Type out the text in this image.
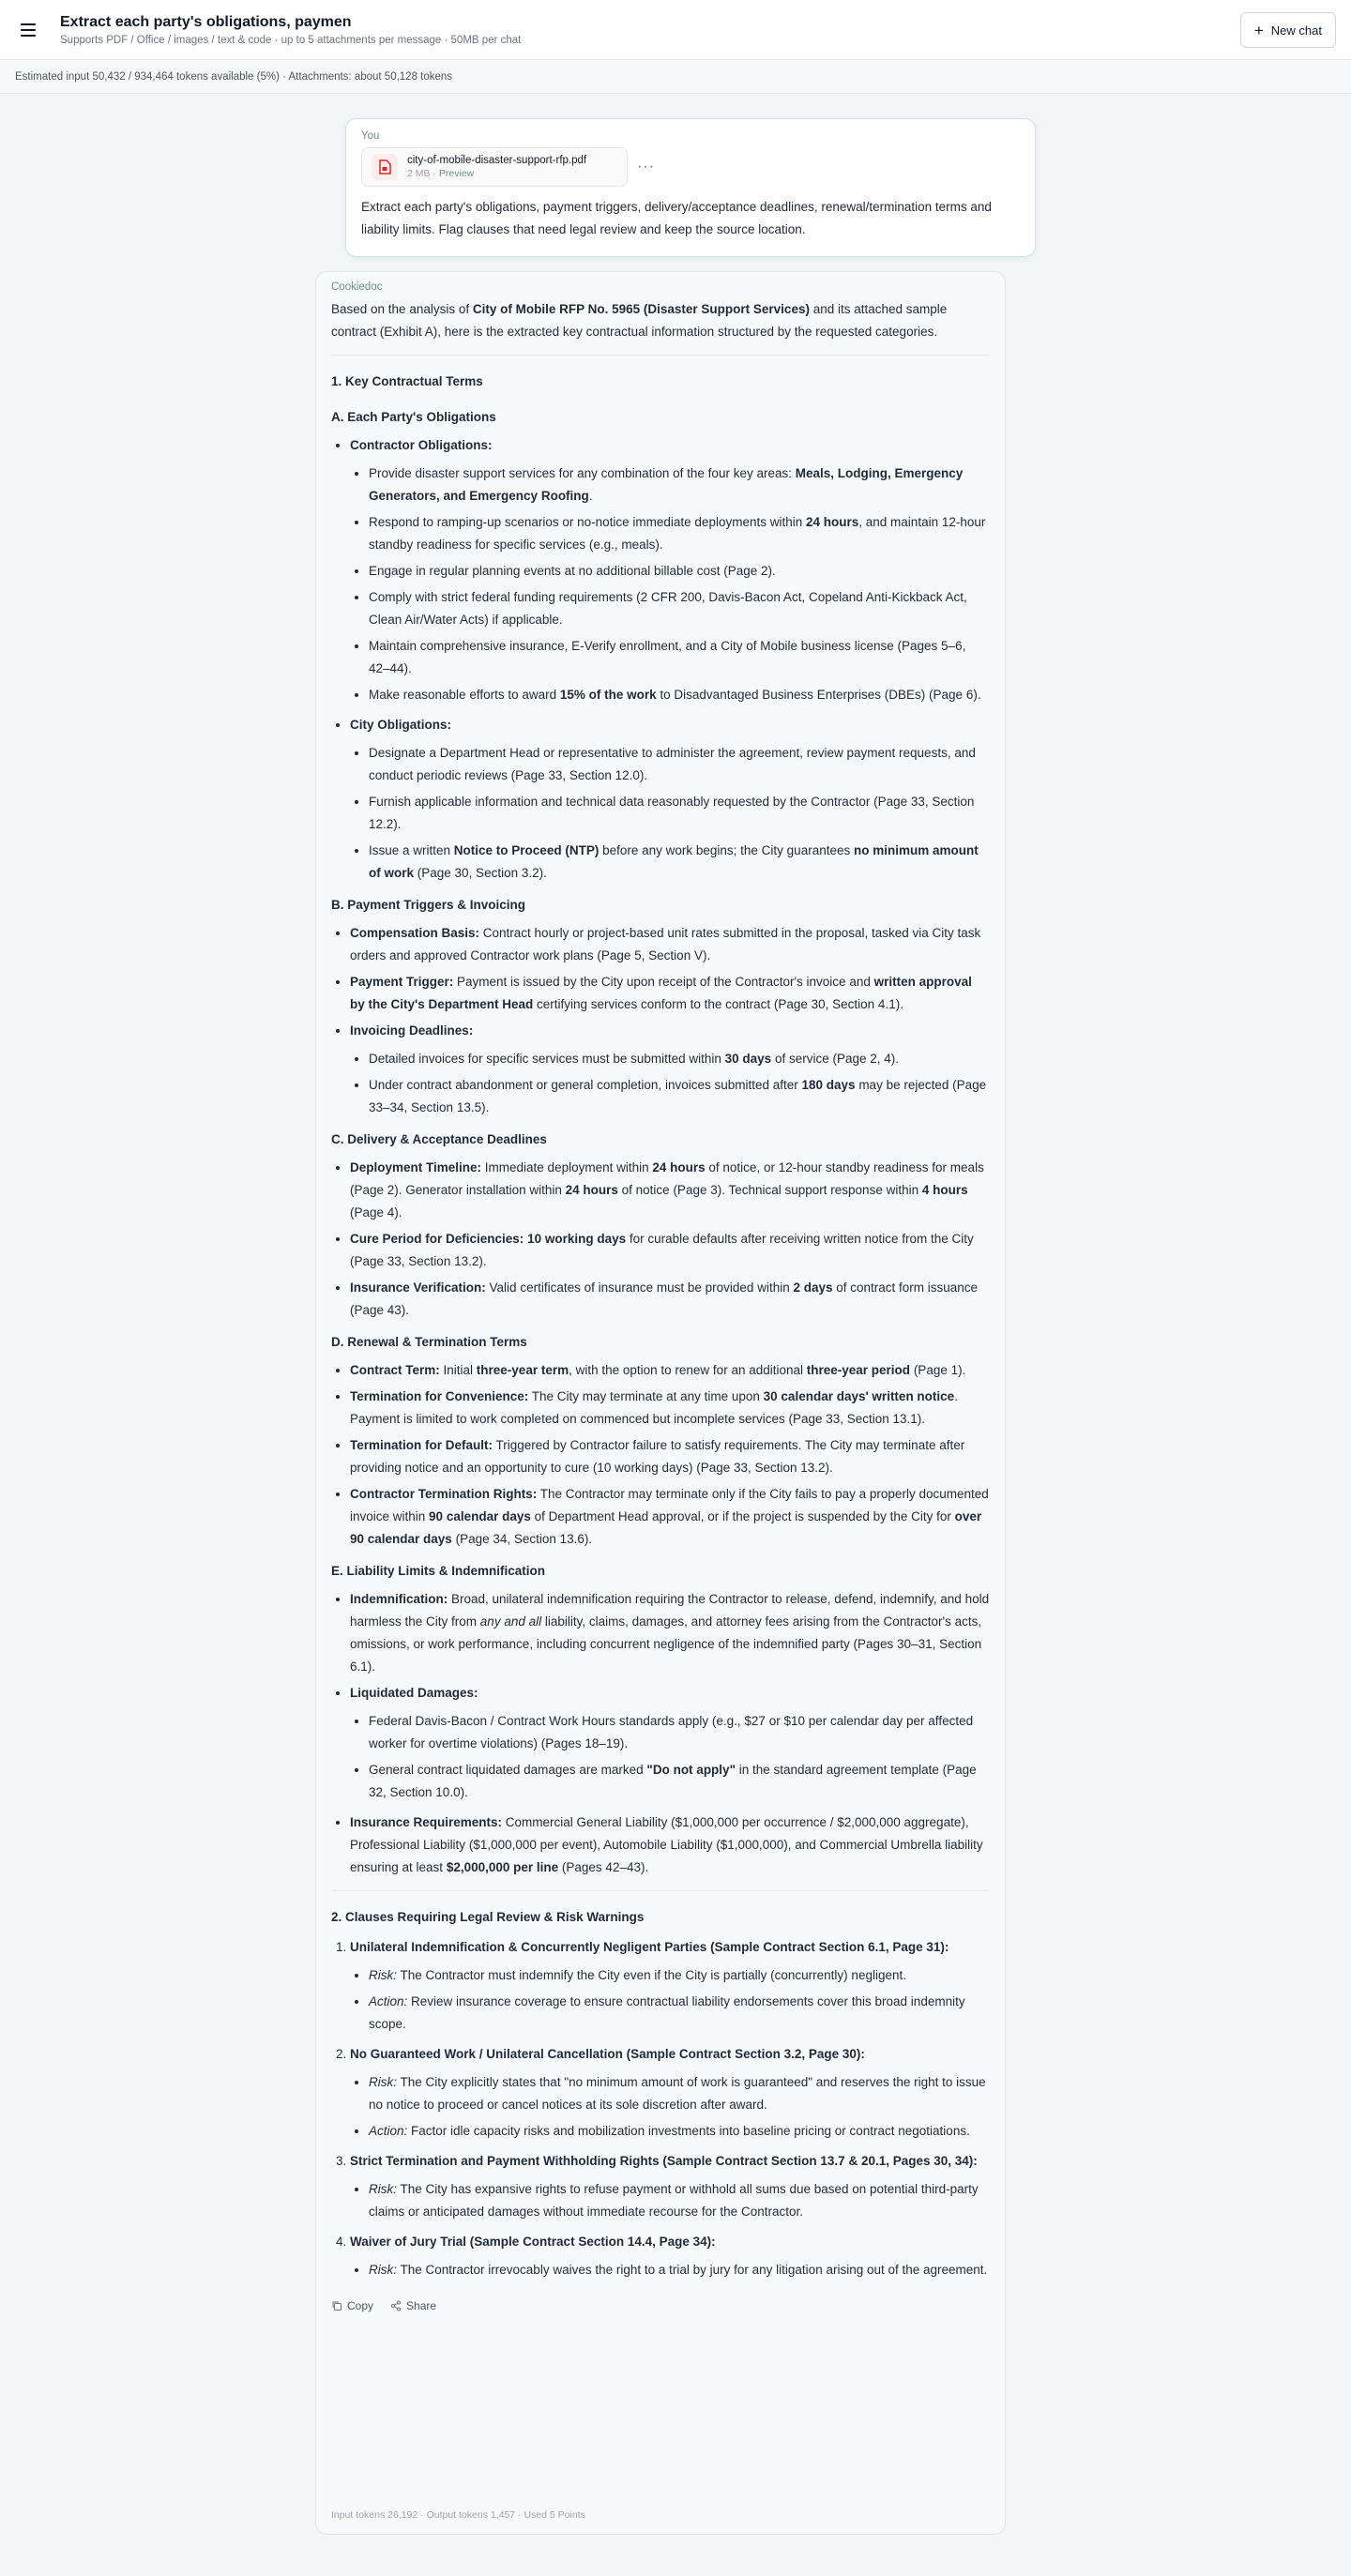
Extract each party's obligations, paymen
Supports PDF / Office / images / text & code · up to 5 attachments per message · 50MB per chat
+ New chat
Estimated input 50,432 / 934,464 tokens available (5%) · Attachments: about 50,128 tokens
You
city-of-mobile-disaster-support-rfp.pdf
2 MB · Preview	···
Extract each party's obligations, payment triggers, delivery/acceptance deadlines, renewal/termination terms and liability limits. Flag clauses that need legal review and keep the source location.
Cookiedoc
Based on the analysis of City of Mobile RFP No. 5965 (Disaster Support Services) and its attached sample contract (Exhibit A), here is the extracted key contractual information structured by the requested categories.
1. Key Contractual Terms
A. Each Party's Obligations
• Contractor Obligations:
• Provide disaster support services for any combination of the four key areas: Meals, Lodging, Emergency Generators, and Emergency Roofing.
• Respond to ramping-up scenarios or no-notice immediate deployments within 24 hours, and maintain 12-hour standby readiness for specific services (e.g., meals).
• Engage in regular planning events at no additional billable cost (Page 2).
• Comply with strict federal funding requirements (2 CFR 200, Davis-Bacon Act, Copeland Anti-Kickback Act, Clean Air/Water Acts) if applicable.
• Maintain comprehensive insurance, E-Verify enrollment, and a City of Mobile business license (Pages 5–6, 42–44).
• Make reasonable efforts to award 15% of the work to Disadvantaged Business Enterprises (DBEs) (Page 6).
• City Obligations:
• Designate a Department Head or representative to administer the agreement, review payment requests, and conduct periodic reviews (Page 33, Section 12.0).
• Furnish applicable information and technical data reasonably requested by the Contractor (Page 33, Section 12.2).
• Issue a written Notice to Proceed (NTP) before any work begins; the City guarantees no minimum amount of work (Page 30, Section 3.2).
B. Payment Triggers & Invoicing
• Compensation Basis: Contract hourly or project-based unit rates submitted in the proposal, tasked via City task orders and approved Contractor work plans (Page 5, Section V).
• Payment Trigger: Payment is issued by the City upon receipt of the Contractor's invoice and written approval by the City's Department Head certifying services conform to the contract (Page 30, Section 4.1).
• Invoicing Deadlines:
• Detailed invoices for specific services must be submitted within 30 days of service (Page 2, 4).
• Under contract abandonment or general completion, invoices submitted after 180 days may be rejected (Page 33–34, Section 13.5).
C. Delivery & Acceptance Deadlines
• Deployment Timeline: Immediate deployment within 24 hours of notice, or 12-hour standby readiness for meals (Page 2). Generator installation within 24 hours of notice (Page 3). Technical support response within 4 hours (Page 4).
• Cure Period for Deficiencies: 10 working days for curable defaults after receiving written notice from the City (Page 33, Section 13.2).
• Insurance Verification: Valid certificates of insurance must be provided within 2 days of contract form issuance (Page 43).
D. Renewal & Termination Terms
• Contract Term: Initial three-year term, with the option to renew for an additional three-year period (Page 1).
• Termination for Convenience: The City may terminate at any time upon 30 calendar days' written notice. Payment is limited to work completed on commenced but incomplete services (Page 33, Section 13.1).
• Termination for Default: Triggered by Contractor failure to satisfy requirements. The City may terminate after providing notice and an opportunity to cure (10 working days) (Page 33, Section 13.2).
• Contractor Termination Rights: The Contractor may terminate only if the City fails to pay a properly documented invoice within 90 calendar days of Department Head approval, or if the project is suspended by the City for over 90 calendar days (Page 34, Section 13.6).
E. Liability Limits & Indemnification
• Indemnification: Broad, unilateral indemnification requiring the Contractor to release, defend, indemnify, and hold harmless the City from any and all liability, claims, damages, and attorney fees arising from the Contractor's acts, omissions, or work performance, including concurrent negligence of the indemnified party (Pages 30–31, Section 6.1).
• Liquidated Damages:
• Federal Davis-Bacon / Contract Work Hours standards apply (e.g., $27 or $10 per calendar day per affected worker for overtime violations) (Pages 18–19).
• General contract liquidated damages are marked "Do not apply" in the standard agreement template (Page 32, Section 10.0).
• Insurance Requirements: Commercial General Liability ($1,000,000 per occurrence / $2,000,000 aggregate), Professional Liability ($1,000,000 per event), Automobile Liability ($1,000,000), and Commercial Umbrella liability ensuring at least $2,000,000 per line (Pages 42–43).
2. Clauses Requiring Legal Review & Risk Warnings
1. Unilateral Indemnification & Concurrently Negligent Parties (Sample Contract Section 6.1, Page 31):
• Risk: The Contractor must indemnify the City even if the City is partially (concurrently) negligent.
• Action: Review insurance coverage to ensure contractual liability endorsements cover this broad indemnity scope.
2. No Guaranteed Work / Unilateral Cancellation (Sample Contract Section 3.2, Page 30):
• Risk: The City explicitly states that "no minimum amount of work is guaranteed" and reserves the right to issue no notice to proceed or cancel notices at its sole discretion after award.
• Action: Factor idle capacity risks and mobilization investments into baseline pricing or contract negotiations.
3. Strict Termination and Payment Withholding Rights (Sample Contract Section 13.7 & 20.1, Pages 30, 34):
• Risk: The City has expansive rights to refuse payment or withhold all sums due based on potential third-party claims or anticipated damages without immediate recourse for the Contractor.
4. Waiver of Jury Trial (Sample Contract Section 14.4, Page 34):
• Risk: The Contractor irrevocably waives the right to a trial by jury for any litigation arising out of the agreement.
Copy	Share
Input tokens 26,192 · Output tokens 1,457 · Used 5 Points
